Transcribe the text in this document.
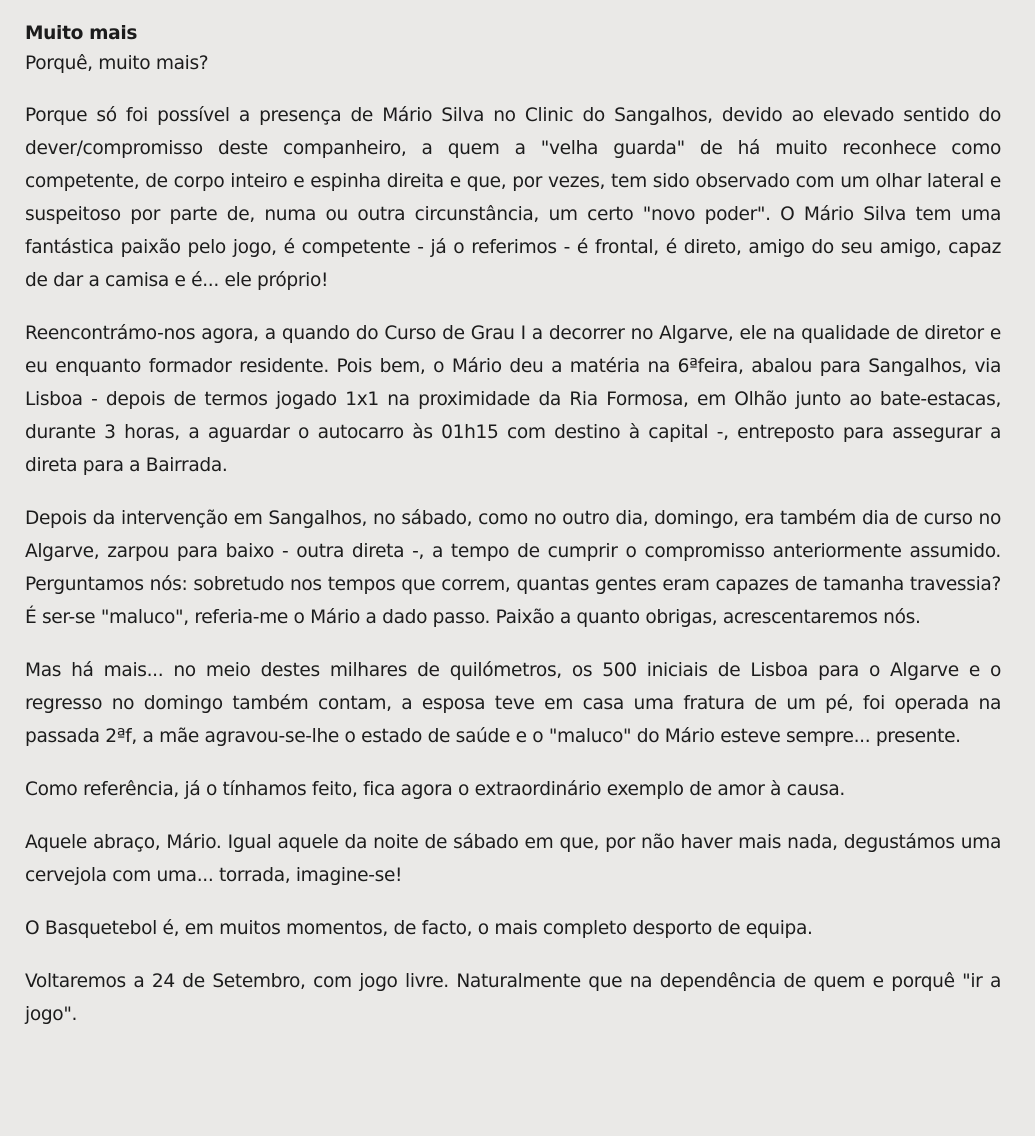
Muito mais

Porquê, muito mais?

Porque só foi possível a presença de Mário Silva no Clinic do Sangalhos, devido ao elevado sentido do dever/compromisso deste companheiro, a quem a "velha guarda" de há muito reconhece como competente, de corpo inteiro e espinha direita e que, por vezes, tem sido observado com um olhar lateral e suspeitoso por parte de, numa ou outra circunstância, um certo "novo poder". O Mário Silva tem uma fantástica paixão pelo jogo, é competente - já o referimos - é frontal, é direto, amigo do seu amigo, capaz de dar a camisa e é... ele próprio!

Reencontrámo-nos agora, a quando do Curso de Grau I a decorrer no Algarve, ele na qualidade de diretor e eu enquanto formador residente. Pois bem, o Mário deu a matéria na 6ªfeira, abalou para Sangalhos, via Lisboa - depois de termos jogado 1x1 na proximidade da Ria Formosa, em Olhão junto ao bate-estacas, durante 3 horas, a aguardar o autocarro às 01h15 com destino à capital -, entreposto para assegurar a direta para a Bairrada.

Depois da intervenção em Sangalhos, no sábado, como no outro dia, domingo, era também dia de curso no Algarve, zarpou para baixo - outra direta -, a tempo de cumprir o compromisso anteriormente assumido. Perguntamos nós: sobretudo nos tempos que correm, quantas gentes eram capazes de tamanha travessia? É ser-se "maluco", referia-me o Mário a dado passo. Paixão a quanto obrigas, acrescentaremos nós.

Mas há mais... no meio destes milhares de quilómetros, os 500 iniciais de Lisboa para o Algarve e o regresso no domingo também contam, a esposa teve em casa uma fratura de um pé, foi operada na passada 2ªf, a mãe agravou-se-lhe o estado de saúde e o "maluco" do Mário esteve sempre... presente.

Como referência, já o tínhamos feito, fica agora o extraordinário exemplo de amor à causa.

Aquele abraço, Mário. Igual aquele da noite de sábado em que, por não haver mais nada, degustámos uma cervejola com uma... torrada, imagine-se!

O Basquetebol é, em muitos momentos, de facto, o mais completo desporto de equipa.

Voltaremos a 24 de Setembro, com jogo livre. Naturalmente que na dependência de quem e porquê "ir a jogo".
